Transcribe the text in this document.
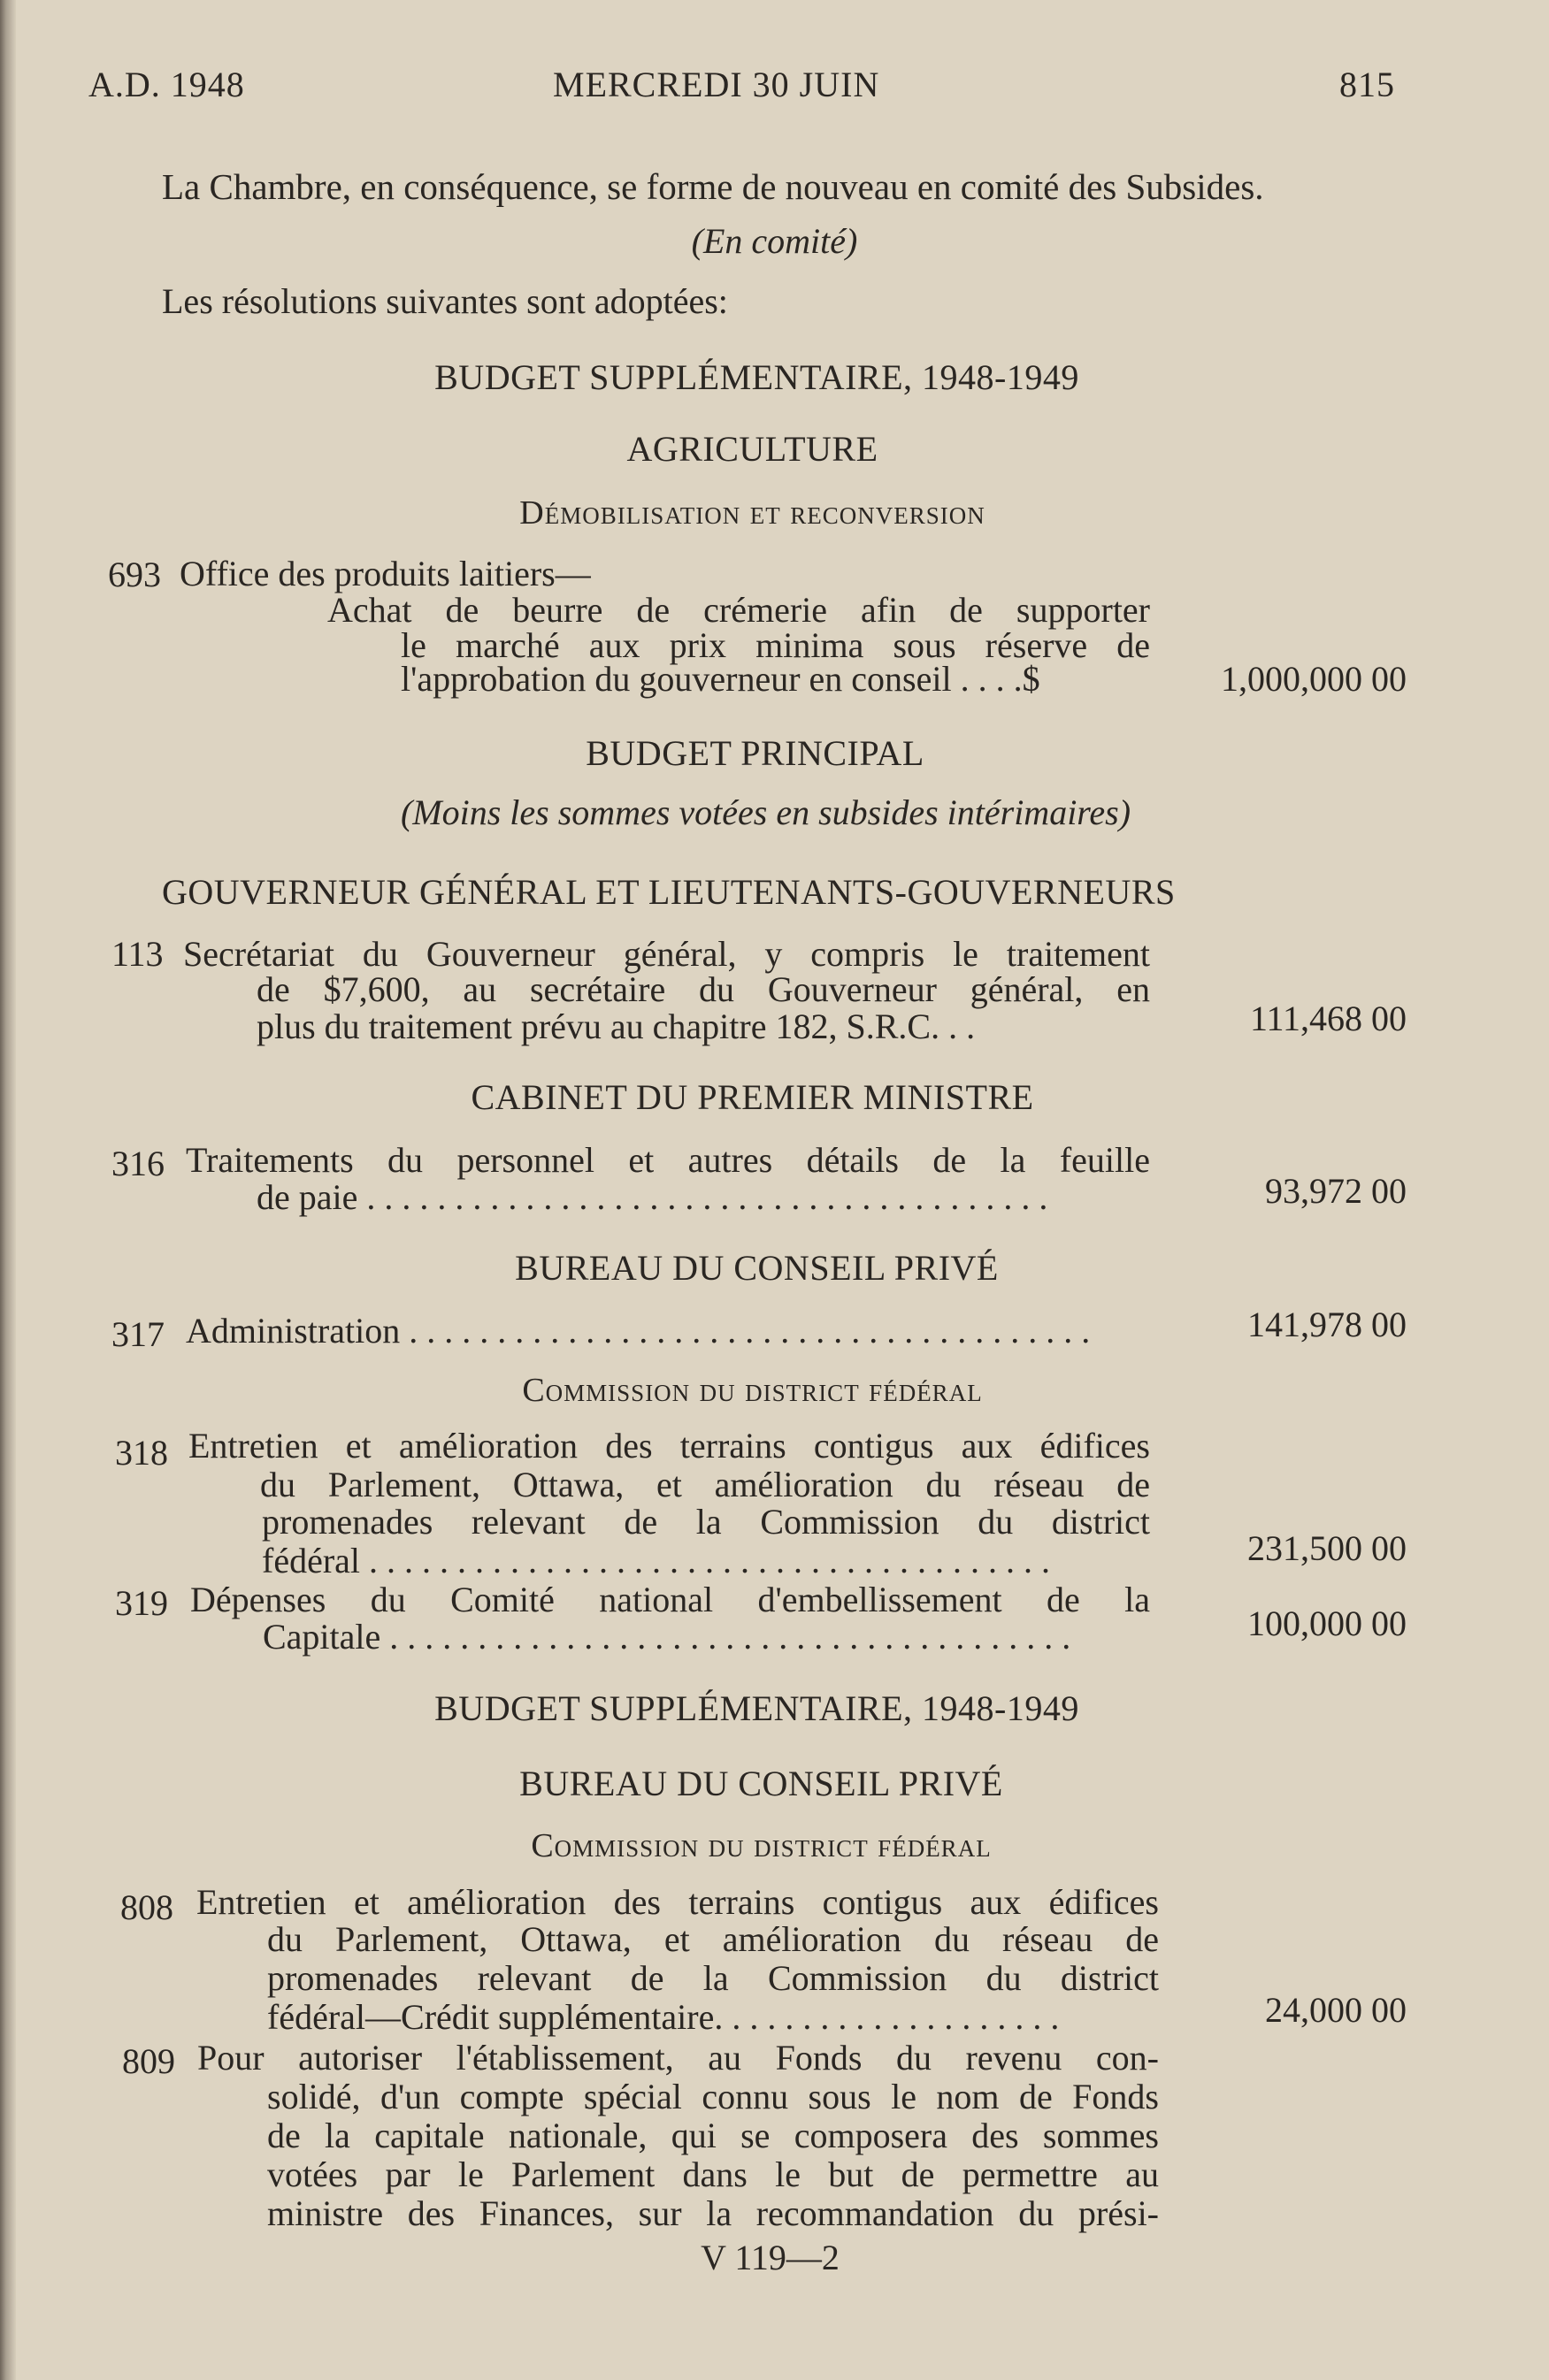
A.D. 1948	MERCREDI 30 JUIN	815
La Chambre, en conséquence, se forme de nouveau en comité des Subsides.
(En comité)
Les résolutions suivantes sont adoptées:
BUDGET SUPPLÉMENTAIRE, 1948-1949
AGRICULTURE
Démobilisation et reconversion
693 Office des produits laitiers—
Achat de beurre de crémerie afin de supporter
le marché aux prix minima sous réserve de
l'approbation du gouverneur en conseil . . . .$	1,000,000 00
BUDGET PRINCIPAL
(Moins les sommes votées en subsides intérimaires)
GOUVERNEUR GÉNÉRAL ET LIEUTENANTS-GOUVERNEURS
113 Secrétariat du Gouverneur général, y compris le traitement
de $7,600, au secrétaire du Gouverneur général, en
plus du traitement prévu au chapitre 182, S.R.C. . .	111,468 00
CABINET DU PREMIER MINISTRE
316 Traitements du personnel et autres détails de la feuille
de paie . . . . . . . . . . . . . . . . . . . . . . . . . . . . . . . . . . . . . . .	93,972 00
BUREAU DU CONSEIL PRIVÉ
317 Administration . . . . . . . . . . . . . . . . . . . . . . . . . . . . . . . . . . . . . . .	141,978 00
Commission du district fédéral
318 Entretien et amélioration des terrains contigus aux édifices
du Parlement, Ottawa, et amélioration du réseau de
promenades relevant de la Commission du district
fédéral . . . . . . . . . . . . . . . . . . . . . . . . . . . . . . . . . . . . . . .	231,500 00
319 Dépenses du Comité national d'embellissement de la
Capitale . . . . . . . . . . . . . . . . . . . . . . . . . . . . . . . . . . . . . . .	100,000 00
BUDGET SUPPLÉMENTAIRE, 1948-1949
BUREAU DU CONSEIL PRIVÉ
Commission du district fédéral
808 Entretien et amélioration des terrains contigus aux édifices
du Parlement, Ottawa, et amélioration du réseau de
promenades relevant de la Commission du district
fédéral—Crédit supplémentaire. . . . . . . . . . . . . . . . . . . .	24,000 00
809 Pour autoriser l'établissement, au Fonds du revenu con-
solidé, d'un compte spécial connu sous le nom de Fonds
de la capitale nationale, qui se composera des sommes
votées par le Parlement dans le but de permettre au
ministre des Finances, sur la recommandation du prési-
V 119—2
